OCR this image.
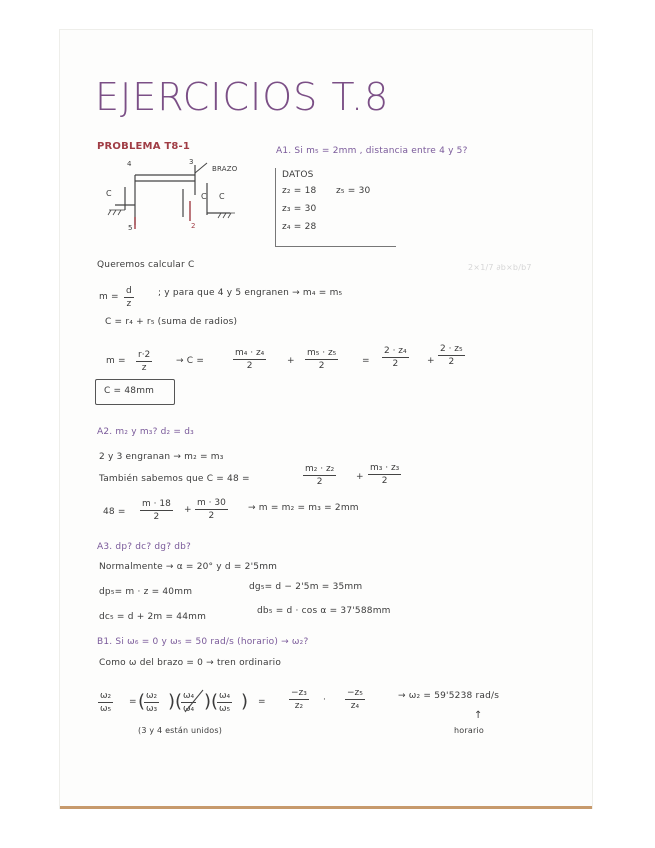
EJERCICIOS T.8
PROBLEMA T8-1	A1. Si m₅ = 2mm , distancia entre 4 y 5?
4	3
BRAZO
C	C C
5	2
DATOS
z₂ = 18 z₅ = 30
z₃ = 30
z₄ = 28
2×1/7 ∂b×b/b7
Queremos calcular C
$m = \frac{d}{z}$	; y para que 4 y 5 engranen → m₄ = m₅
C = r₄ + r₅ (suma de radios)
$m = \frac{r\cdot 2}{z}$	→ C =	$\frac{\text{m₄ · z₄}}{2} + \frac{\text{m₅ · z₅}}{2}$	= $\frac{\text{2 · z₄}}{2} + \frac{\text{2 · z₅}}{2}$
C = 48mm
A2. m₂ y m₃? d₂ = d₃
2 y 3 engranan → m₂ = m₃
También sabemos que C = 48 =	$\frac{\text{m₂ · z₂}}{2} + \frac{\text{m₃ · z₃}}{2}$
$48 = \frac{m \cdot 18}{2} + \frac{m \cdot 30}{2} \to m = m_2 = m_3 = 2mm$
A3. dp? dc? dg? db?
Normalmente → α = 20° y d = 2'5mm
dp₅= m · z = 40mm	dg₅= d − 2'5m = 35mm
dc₅ = d + 2m = 44mm
db₅ = d · cos α = 37'588mm
B1. Si ω₆ = 0 y ω₅ = 50 rad/s (horario) → ω₂?
Como ω del brazo = 0 → tren ordinario
$\frac{\text{ω₂}}{\text{ω₅}}$ = (
$\frac{\text{ω₂}}{\text{ω₃}}$ ) (
$\frac{\text{ω₄}}{\text{ω₄}}$ ) (
$\frac{\text{ω₄}}{\text{ω₅}}$ ) =	$\frac{\text{−z₃}}{\text{z₂}} \cdot \frac{\text{−z₅}}{\text{z₄}}$	→ ω₂ = 59'5238 rad/s
(3 y 4 están unidos)
↑
horario
